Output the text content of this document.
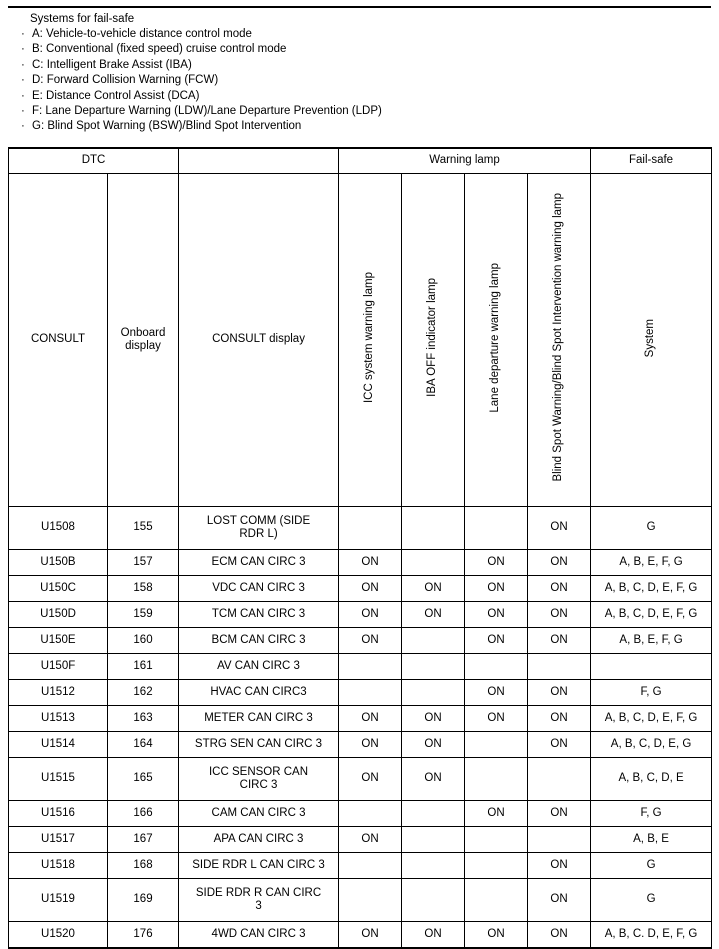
Systems for fail-safe
· A: Vehicle-to-vehicle distance control mode
· B: Conventional (fixed speed) cruise control mode
· C: Intelligent Brake Assist (IBA)
· D: Forward Collision Warning (FCW)
· E: Distance Control Assist (DCA)
· F: Lane Departure Warning (LDW)/Lane Departure Prevention (LDP)
· G: Blind Spot Warning (BSW)/Blind Spot Intervention
DTC			Warning lamp				Fail-safe
CONSULT	Onboard
display	CONSULT display	ICC system warning lamp	IBA OFF indicator lamp	Lane departure warning lamp	Blind Spot Warning/Blind Spot Intervention warning lamp	System
U1508	155	LOST COMM (SIDE
RDR L)				ON	G
U150B	157	ECM CAN CIRC 3	ON		ON	ON	A, B, E, F, G
U150C	158	VDC CAN CIRC 3	ON	ON	ON	ON	A, B, C, D, E, F, G
U150D	159	TCM CAN CIRC 3	ON	ON	ON	ON	A, B, C, D, E, F, G
U150E	160	BCM CAN CIRC 3	ON		ON	ON	A, B, E, F, G
U150F	161	AV CAN CIRC 3					
U1512	162	HVAC CAN CIRC3			ON	ON	F, G
U1513	163	METER CAN CIRC 3	ON	ON	ON	ON	A, B, C, D, E, F, G
U1514	164	STRG SEN CAN CIRC 3	ON	ON		ON	A, B, C, D, E, G
U1515	165	ICC SENSOR CAN
CIRC 3	ON	ON			A, B, C, D, E
U1516	166	CAM CAN CIRC 3			ON	ON	F, G
U1517	167	APA CAN CIRC 3	ON				A, B, E
U1518	168	SIDE RDR L CAN CIRC 3				ON	G
U1519	169	SIDE RDR R CAN CIRC
3				ON	G
U1520	176	4WD CAN CIRC 3	ON	ON	ON	ON	A, B, C. D, E, F, G
